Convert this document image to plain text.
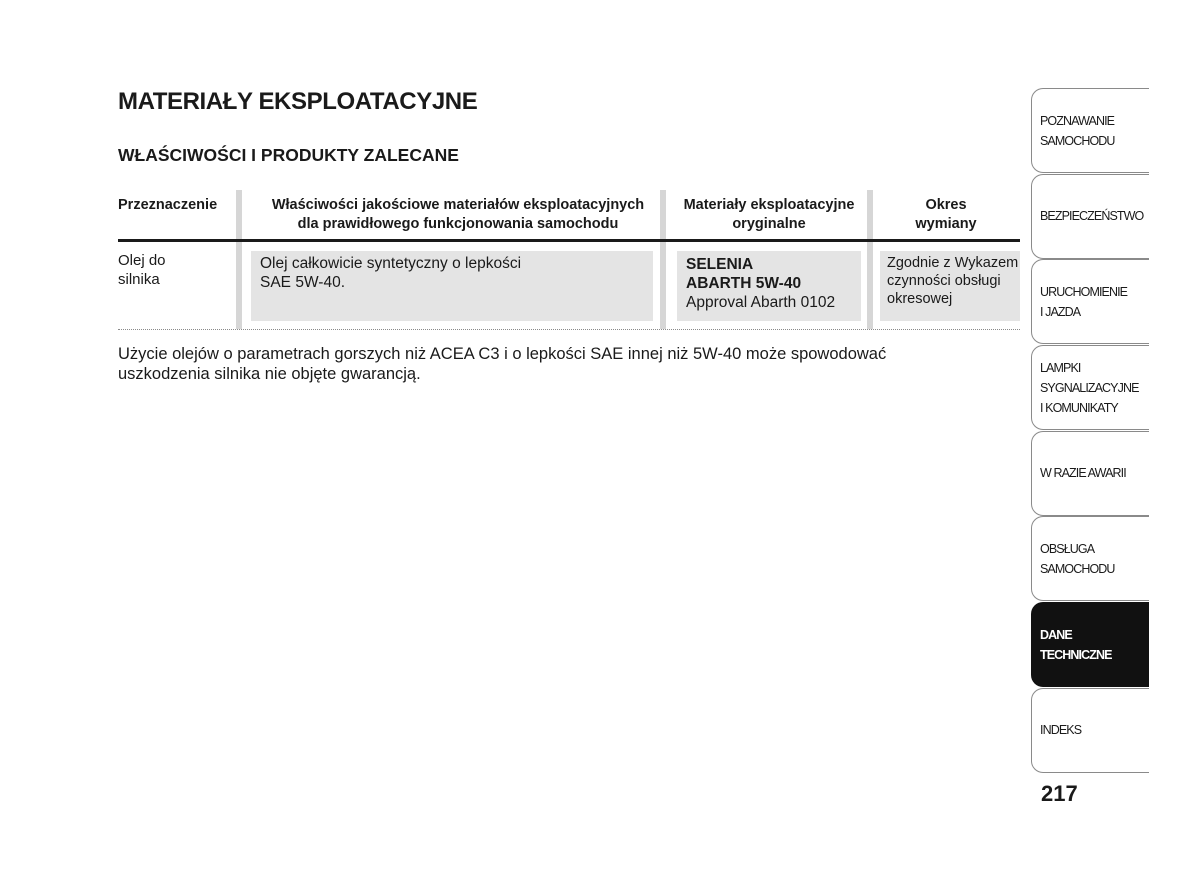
MATERIAŁY EKSPLOATACYJNE
WŁAŚCIWOŚCI I PRODUKTY ZALECANE
Przeznaczenie	Właściwości jakościowe materiałów eksploatacyjnych
dla prawidłowego funkcjonowania samochodu
Materiały eksploatacyjne
oryginalne
Okres
wymiany
Olej do
silnika
Olej całkowicie syntetyczny o lepkości
SAE 5W-40.
SELENIA
ABARTH 5W-40
Approval Abarth 0102
Zgodnie z Wykazem
czynności obsługi
okresowej

Użycie olejów o parametrach gorszych niż ACEA C3 i o lepkości SAE innej niż 5W-40 może spowodować
uszkodzenia silnika nie objęte gwarancją.

POZNAWANIE
SAMOCHODU
BEZPIECZEŃSTWO
URUCHOMIENIE
I JAZDA
LAMPKI
SYGNALIZACYJNE
I KOMUNIKATY
W RAZIE AWARII
OBSŁUGA
SAMOCHODU
DANE
TECHNICZNE
INDEKS

217
